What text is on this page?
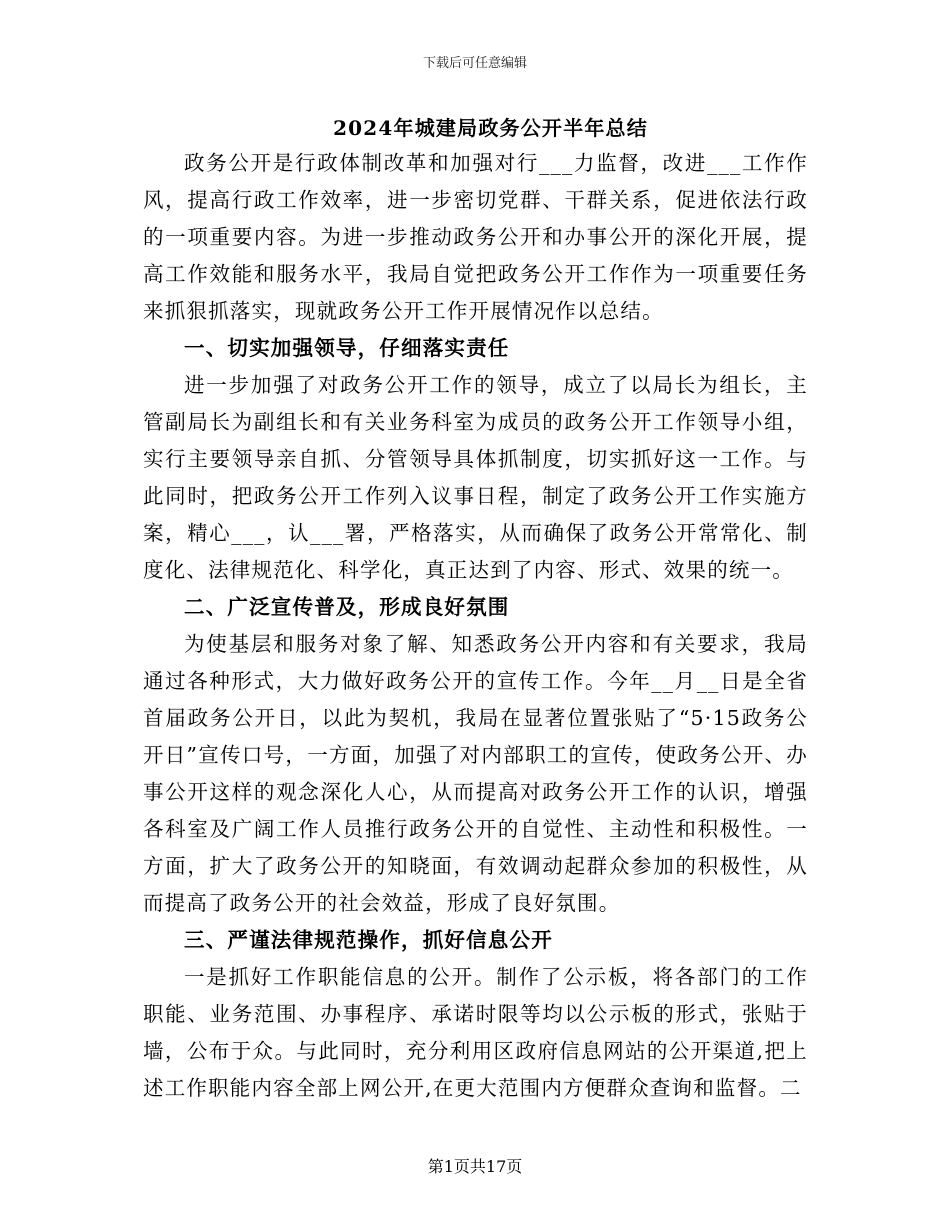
下载后可任意编辑

2024年城建局政务公开半年总结

政务公开是行政体制改革和加强对行___力监督，改进___工作作风，提高行政工作效率，进一步密切党群、干群关系，促进依法行政的一项重要内容。为进一步推动政务公开和办事公开的深化开展，提高工作效能和服务水平，我局自觉把政务公开工作作为一项重要任务来抓狠抓落实，现就政务公开工作开展情况作以总结。

一、切实加强领导，仔细落实责任

进一步加强了对政务公开工作的领导，成立了以局长为组长，主管副局长为副组长和有关业务科室为成员的政务公开工作领导小组，实行主要领导亲自抓、分管领导具体抓制度，切实抓好这一工作。与此同时，把政务公开工作列入议事日程，制定了政务公开工作实施方案，精心___，认___署，严格落实，从而确保了政务公开常常化、制度化、法律规范化、科学化，真正达到了内容、形式、效果的统一。

二、广泛宣传普及，形成良好氛围

为使基层和服务对象了解、知悉政务公开内容和有关要求，我局通过各种形式，大力做好政务公开的宣传工作。今年__月__日是全省首届政务公开日，以此为契机，我局在显著位置张贴了“5·15政务公开日”宣传口号，一方面，加强了对内部职工的宣传，使政务公开、办事公开这样的观念深化人心，从而提高对政务公开工作的认识，增强各科室及广阔工作人员推行政务公开的自觉性、主动性和积极性。一方面，扩大了政务公开的知晓面，有效调动起群众参加的积极性，从而提高了政务公开的社会效益，形成了良好氛围。

三、严谨法律规范操作，抓好信息公开

一是抓好工作职能信息的公开。制作了公示板，将各部门的工作职能、业务范围、办事程序、承诺时限等均以公示板的形式，张贴于墙，公布于众。与此同时，充分利用区政府信息网站的公开渠道,把上述工作职能内容全部上网公开,在更大范围内方便群众查询和监督。二

第1页共17页
